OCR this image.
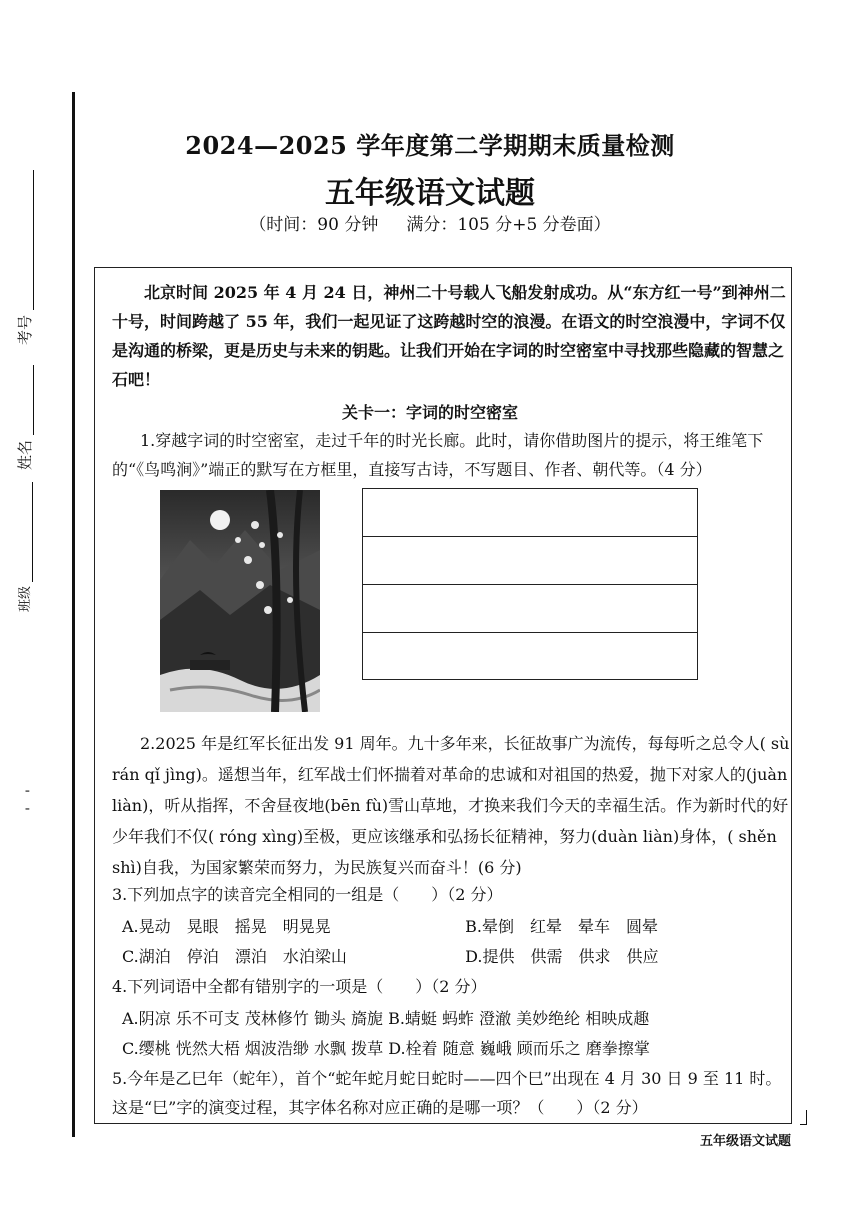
考号
姓名
班级
'　'
2024—2025 学年度第二学期期末质量检测
五年级语文试题
（时间：90 分钟 满分：105 分+5 分卷面）
北京时间 2025 年 4 月 24 日，神州二十号载人飞船发射成功。从“东方红一号”到神州二十号，时间跨越了 55 年，我们一起见证了这跨越时空的浪漫。在语文的时空浪漫中，字词不仅是沟通的桥梁，更是历史与未来的钥匙。让我们开始在字词的时空密室中寻找那些隐藏的智慧之石吧！
关卡一：字词的时空密室
1.穿越字词的时空密室，走过千年的时光长廊。此时，请你借助图片的提示，将王维笔下的“《鸟鸣涧》”端正的默写在方框里，直接写古诗，不写题目、作者、朝代等。（4 分）
2.2025 年是红军长征出发 91 周年。九十多年来，长征故事广为流传，每每听之总令人( sù rán qǐ jìng)。遥想当年，红军战士们怀揣着对革命的忠诚和对祖国的热爱，抛下对家人的(juàn liàn)，听从指挥，不舍昼夜地(bēn fù)雪山草地，才换来我们今天的幸福生活。作为新时代的好少年我们不仅( róng xìng)至极，更应该继承和弘扬长征精神，努力(duàn liàn)身体，( shěn shì)自我，为国家繁荣而努力，为民族复兴而奋斗！(6 分)
3.下列加点字的读音完全相同的一组是（　　）（2 分）
A.晃动　 晃眼　 摇晃　 明晃晃	B.晕倒　 红晕　 晕车　 圆晕
C.湖泊　 停泊　 漂泊　 水泊梁山	D.提供　 供需　 供求　 供应
4.下列词语中全都有错别字的一项是（　　）（2 分）
A.阴凉 乐不可支 茂林修竹 锄头 旖旎 B.蜻蜓 蚂蚱 澄澈 美妙绝纶 相映成趣
C.缨桃 恍然大梧 烟波浩缈 水飘 拨草 D.栓着 随意 巍峨 顾而乐之 磨拳擦掌
5.今年是乙巳年（蛇年），首个“蛇年蛇月蛇日蛇时——四个巳”出现在 4 月 30 日 9 至 11 时。这是“巳”字的演变过程，其字体名称对应正确的是哪一项？（　　）（2 分）
五年级语文试题
